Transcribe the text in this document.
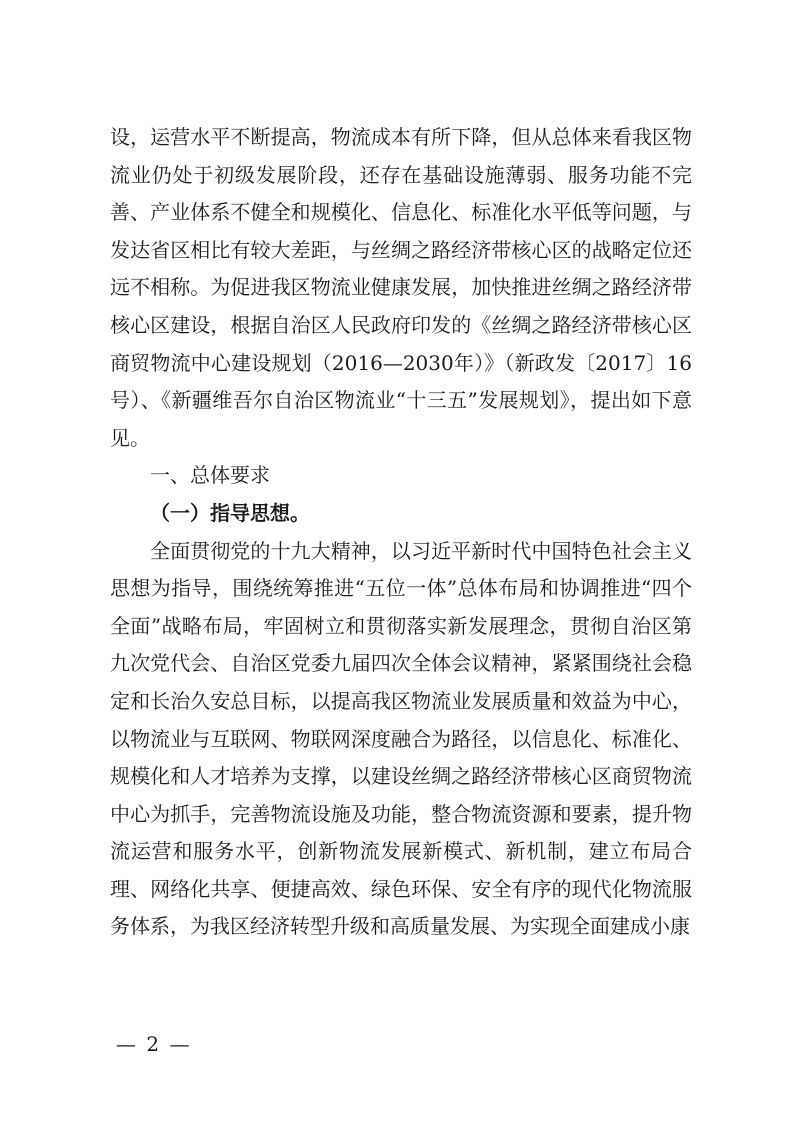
设，运营水平不断提高，物流成本有所下降，但从总体来看我区物流业仍处于初级发展阶段，还存在基础设施薄弱、服务功能不完善、产业体系不健全和规模化、信息化、标准化水平低等问题，与发达省区相比有较大差距，与丝绸之路经济带核心区的战略定位还远不相称。为促进我区物流业健康发展，加快推进丝绸之路经济带核心区建设，根据自治区人民政府印发的《丝绸之路经济带核心区商贸物流中心建设规划（2016—2030年）》（新政发〔2017〕16号）、《新疆维吾尔自治区物流业“十三五”发展规划》，提出如下意见。

一、总体要求

（一）指导思想。

全面贯彻党的十九大精神，以习近平新时代中国特色社会主义思想为指导，围绕统筹推进“五位一体”总体布局和协调推进“四个全面”战略布局，牢固树立和贯彻落实新发展理念，贯彻自治区第九次党代会、自治区党委九届四次全体会议精神，紧紧围绕社会稳定和长治久安总目标，以提高我区物流业发展质量和效益为中心，以物流业与互联网、物联网深度融合为路径，以信息化、标准化、规模化和人才培养为支撑，以建设丝绸之路经济带核心区商贸物流中心为抓手，完善物流设施及功能，整合物流资源和要素，提升物流运营和服务水平，创新物流发展新模式、新机制，建立布局合理、网络化共享、便捷高效、绿色环保、安全有序的现代化物流服务体系，为我区经济转型升级和高质量发展、为实现全面建成小康

— 2 —
